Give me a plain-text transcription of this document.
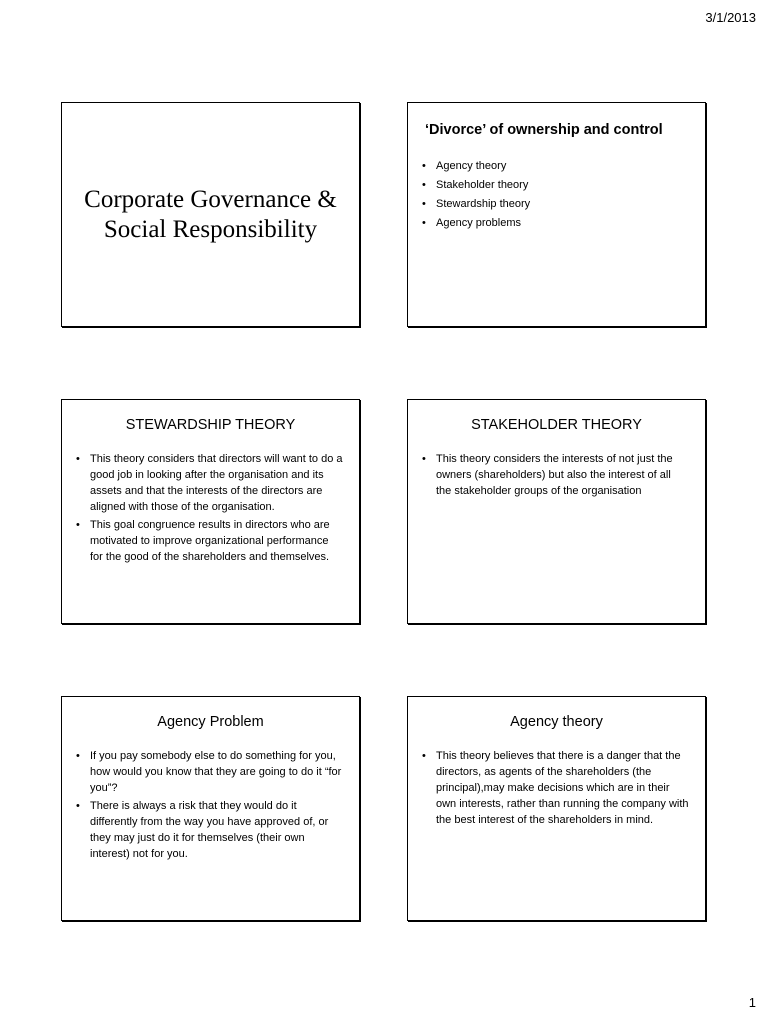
3/1/2013
Corporate Governance &
Social Responsibility
‘Divorce’ of ownership and control
• Agency theory
• Stakeholder theory
• Stewardship theory
• Agency problems
STEWARDSHIP THEORY
• This theory considers that directors will want to do a good job in looking after the organisation and its assets and that the interests of the directors are aligned with those of the organisation.
• This goal congruence results in directors who are motivated to improve organizational performance for the good of the shareholders and themselves.
STAKEHOLDER THEORY
• This theory considers the interests of not just the owners (shareholders) but also the interest of all the stakeholder groups of the organisation
Agency Problem
• If you pay somebody else to do something for you, how would you know that they are going to do it “for you”?
• There is always a risk that they would do it differently from the way you have approved of, or they may just do it for themselves (their own interest) not for you.
Agency theory
• This theory believes that there is a danger that the directors, as agents of the shareholders (the principal),may make decisions which are in their own interests, rather than running the company with the best interest of the shareholders in mind.
1
